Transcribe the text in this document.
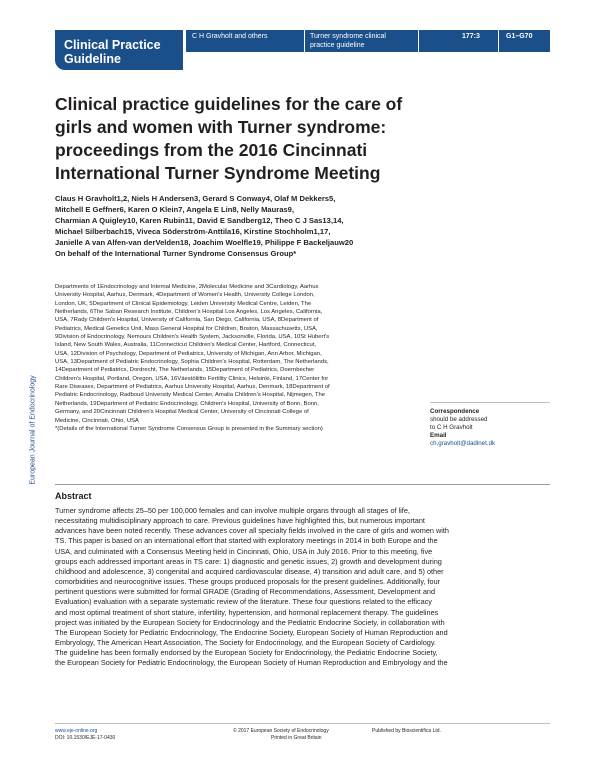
Clinical Practice Guideline
C H Gravholt and others	Turner syndrome clinical
practice guideline
177:3	G1–G70
Clinical practice guidelines for the care of
girls and women with Turner syndrome:
proceedings from the 2016 Cincinnati
International Turner Syndrome Meeting
Claus H Gravholt1,2, Niels H Andersen3, Gerard S Conway4, Olaf M Dekkers5,
Mitchell E Geffner6, Karen O Klein7, Angela E Lin8, Nelly Mauras9,
Charmian A Quigley10, Karen Rubin11, David E Sandberg12, Theo C J Sas13,14,
Michael Silberbach15, Viveca Söderström-Anttila16, Kirstine Stochholm1,17,
Janielle A van Alfen-van derVelden18, Joachim Woelfle19, Philippe F Backeljauw20
On behalf of the International Turner Syndrome Consensus Group*
Departments of 1Endocrinology and Internal Medicine, 2Molecular Medicine and 3Cardiology, Aarhus
University Hospital, Aarhus, Denmark, 4Department of Women's Health, University College London,
London, UK, 5Department of Clinical Epidemiology, Leiden University Medical Centre, Leiden, The
Netherlands, 6The Saban Research Institute, Children's Hospital Los Angeles, Los Angeles, California,
USA, 7Rady Children's Hospital, University of California, San Diego, California, USA, 8Department of
Pediatrics, Medical Genetics Unit, Mass General Hospital for Children, Boston, Massachusetts, USA,
9Division of Endocrinology, Nemours Children's Health System, Jacksonville, Florida, USA, 10St Hubert's
Island, New South Wales, Australia, 11Connecticut Children's Medical Center, Hartford, Connecticut,
USA, 12Division of Psychology, Department of Pediatrics, University of Michigan, Ann Arbor, Michigan,
USA, 13Department of Pediatric Endocrinology, Sophia Children's Hospital, Rotterdam, The Netherlands,
14Department of Pediatrics, Dordrecht, The Netherlands, 15Department of Pediatrics, Doernbecher
Children's Hospital, Portland, Oregon, USA, 16Väestöliitto Fertility Clinics, Helsinki, Finland, 17Center for
Rare Diseases, Department of Pediatrics, Aarhus University Hospital, Aarhus, Denmark, 18Department of
Pediatric Endocrinology, Radboud University Medical Center, Amalia Children's Hospital, Nijmegen, The
Netherlands, 19Department of Pediatric Endocrinology, Children's Hospital, University of Bonn, Bonn,
Germany, and 20Cincinnati Children's Hospital Medical Center, University of Cincinnati College of
Medicine, Cincinnati, Ohio, USA
*(Details of the International Turner Syndrome Consensus Group is presented in the Summary section)
European Journal of Endocrinology	Correspondence
should be addressed
to C H Gravholt
Email
ch.gravholt@dadlnet.dk
Abstract
Turner syndrome affects 25–50 per 100,000 females and can involve multiple organs through all stages of life,
necessitating multidisciplinary approach to care. Previous guidelines have highlighted this, but numerous important
advances have been noted recently. These advances cover all specialty fields involved in the care of girls and women with
TS. This paper is based on an international effort that started with exploratory meetings in 2014 in both Europe and the
USA, and culminated with a Consensus Meeting held in Cincinnati, Ohio, USA in July 2016. Prior to this meeting, five
groups each addressed important areas in TS care: 1) diagnostic and genetic issues, 2) growth and development during
childhood and adolescence, 3) congenital and acquired cardiovascular disease, 4) transition and adult care, and 5) other
comorbidities and neurocognitive issues. These groups produced proposals for the present guidelines. Additionally, four
pertinent questions were submitted for formal GRADE (Grading of Recommendations, Assessment, Development and
Evaluation) evaluation with a separate systematic review of the literature. These four questions related to the efficacy
and most optimal treatment of short stature, infertility, hypertension, and hormonal replacement therapy. The guidelines
project was initiated by the European Society for Endocrinology and the Pediatric Endocrine Society, in collaboration with
The European Society for Pediatric Endocrinology, The Endocrine Society, European Society of Human Reproduction and
Embryology, The American Heart Association, The Society for Endocrinology, and the European Society of Cardiology.
The guideline has been formally endorsed by the European Society for Endocrinology, the Pediatric Endocrine Society,
the European Society for Pediatric Endocrinology, the European Society of Human Reproduction and Embryology and the
www.eje-online.org
DOI: 10.1530/EJE-17-0430
© 2017 European Society of Endocrinology
Printed in Great Britain
Published by Bioscientifica Ltd.
